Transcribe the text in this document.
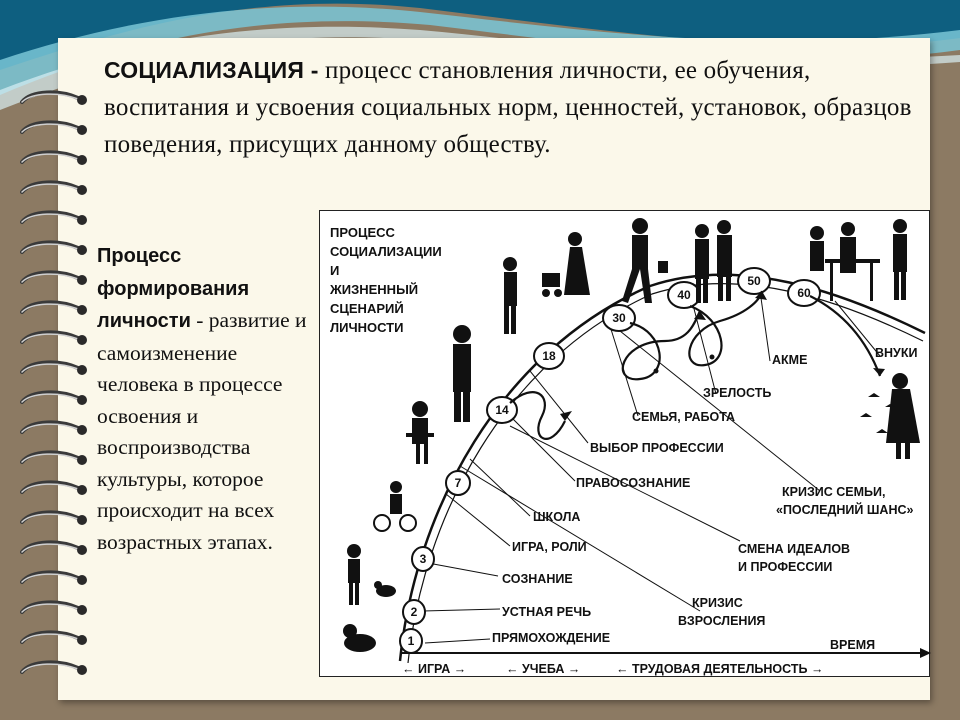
СОЦИАЛИЗАЦИЯ - процесс становления личности, ее обучения, воспитания и усвоения социальных норм, ценностей, установок, образцов поведения, присущих данному обществу.
Процесс формирования личности - развитие и самоизменение человека в процессе освоения и воспроизводства культуры, которое происходит на всех возрастных этапах.
ПРОЦЕСС
СОЦИАЛИЗАЦИИ
И
ЖИЗНЕННЫЙ
СЦЕНАРИЙ
ЛИЧНОСТИ
ВРЕМЯ
← ИГРА →	← УЧЕБА →	← ТРУДОВАЯ ДЕЯТЕЛЬНОСТЬ →
ПРЯМОХОЖДЕНИЕ
УСТНАЯ РЕЧЬ
СОЗНАНИЕ
ИГРА, РОЛИ
ШКОЛА
ПРАВОСОЗНАНИЕ
ВЫБОР ПРОФЕССИИ
СЕМЬЯ, РАБОТА
ЗРЕЛОСТЬ
АКМЕ	ВНУКИ
КРИЗИС
ВЗРОСЛЕНИЯ
СМЕНА ИДЕАЛОВ
И ПРОФЕССИИ
КРИЗИС СЕМЬИ,
«ПОСЛЕДНИЙ ШАНС»
1
2
3
7
14
18
30
40
50
60
